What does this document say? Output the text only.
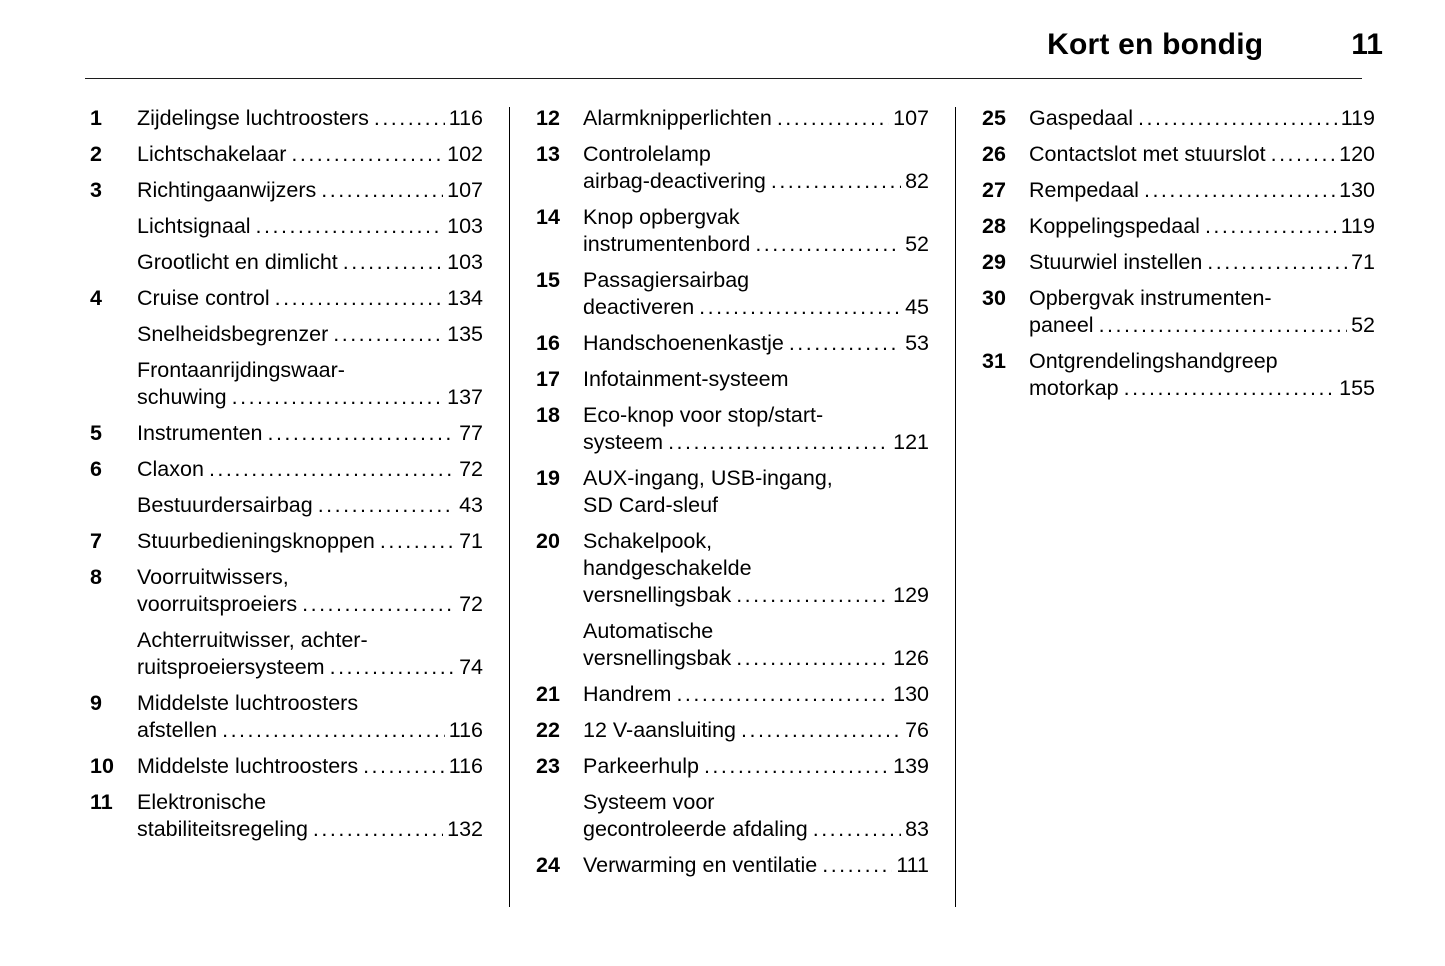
Kort en bondig	11
1	Zijdelingse luchtroosters .....	116
2	Lichtschakelaar .....	102
3	Richtingaanwijzers .....	107
Lichtsignaal .....	103
Grootlicht en dimlicht .....	103
4	Cruise control .....	134
Snelheidsbegrenzer .....	135
Frontaanrijdingswaar-
schuwing .....	137
5	Instrumenten .....	77
6	Claxon .....	72
Bestuurdersairbag .....	43
7	Stuurbedieningsknoppen .....	71
8	Voorruitwissers,
voorruitsproeiers .....	72
Achterruitwisser, achter-
ruitsproeiersysteem .....	74
9	Middelste luchtroosters
afstellen .....	116
10	Middelste luchtroosters .....	116
11	Elektronische
stabiliteitsregeling .....	132
12	Alarmknipperlichten .....	107
13	Controlelamp
airbag-deactivering .....	82
14	Knop opbergvak
instrumentenbord .....	52
15	Passagiersairbag
deactiveren .....	45
16	Handschoenenkastje .....	53
17	Infotainment-systeem
18	Eco-knop voor stop/start-
systeem .....	121
19	AUX-ingang, USB-ingang,
SD Card-sleuf
20	Schakelpook,
handgeschakelde
versnellingsbak .....	129
Automatische
versnellingsbak .....	126
21	Handrem .....	130
22	12 V-aansluiting .....	76
23	Parkeerhulp .....	139
Systeem voor
gecontroleerde afdaling .....	83
24	Verwarming en ventilatie .....	111
25	Gaspedaal .....	119
26	Contactslot met stuurslot .....	120
27	Rempedaal .....	130
28	Koppelingspedaal .....	119
29	Stuurwiel instellen .....	71
30	Opbergvak instrumenten-
paneel .....	52
31	Ontgrendelingshandgreep
motorkap .....	155
